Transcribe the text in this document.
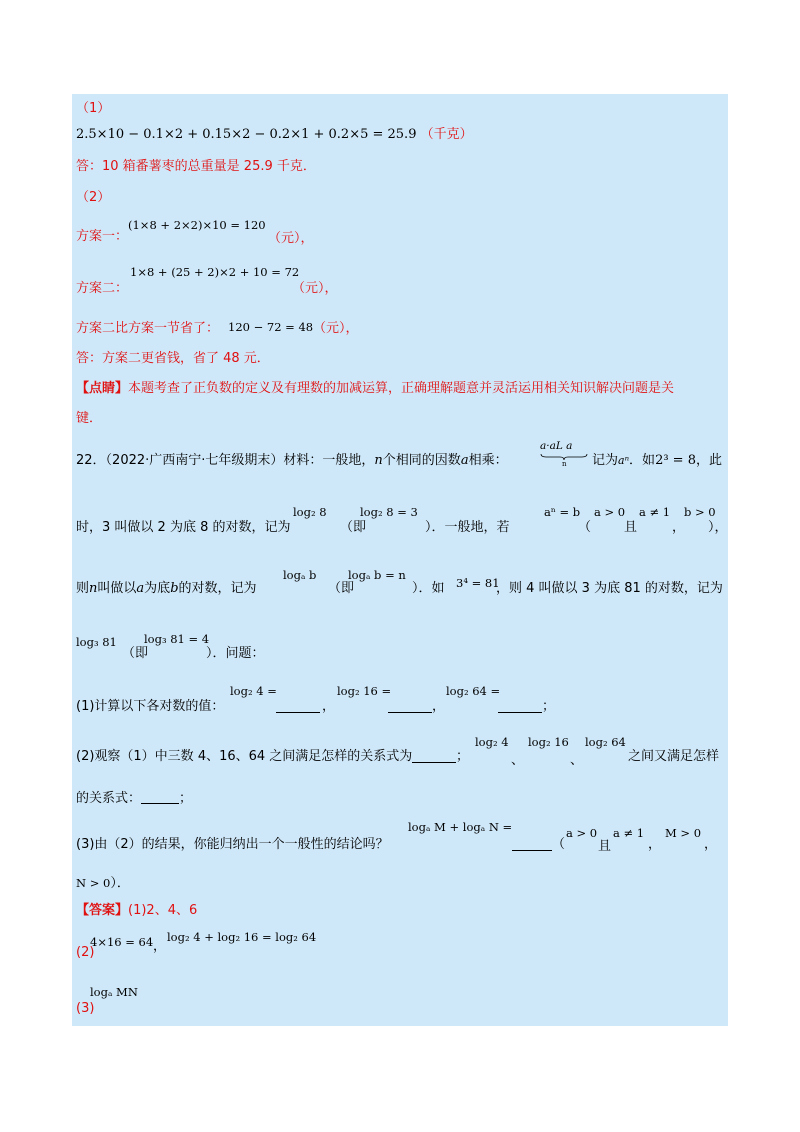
（1）
2.5×10 − 0.1×2 + 0.15×2 − 0.2×1 + 0.2×5 = 25.9 （千克）
答：10 箱番薯枣的总重量是 25.9 千克．
（2）
方案一：
(1×8 + 2×2)×10 = 120
（元），
方案二：
1×8 + (25 + 2)×2 + 10 = 72
（元），
方案二比方案一节省了： 120 − 72 = 48 （元），
答：方案二更省钱，省了 48 元．
【点睛】本题考查了正负数的定义及有理数的加减运算，正确理解题意并灵活运用相关知识解决问题是关
键．
22．（2022·广西南宁·七年级期末）材料：一般地，n个相同的因数a相乘：
a·aL a
n 记为aⁿ．如2³ = 8，此
时，3 叫做以 2 为底 8 的对数，记为
log₂ 8
（即
log₂ 8 = 3
）．一般地，若
aⁿ = b
（
a > 0
且
a ≠ 1
，
b > 0
），
则n叫做以a为底b的对数，记为
logₐ b
（即
logₐ b = n
）．如 3⁴ = 81
，则 4 叫做以 3 为底 81 的对数，记为
log₃ 81
（即
log₃ 81 = 4
）．问题：
(1)计算以下各对数的值：
log₂ 4 =
，
log₂ 16 =
，
log₂ 64 =
；
(2)观察（1）中三数 4、16、64 之间满足怎样的关系式为	；
log₂ 4
、
log₂ 16
、
log₂ 64
之间又满足怎样
的关系式：	；
(3)由（2）的结果，你能归纳出一个一般性的结论吗？
logₐ M + logₐ N =
（
a > 0
且
a ≠ 1
，
M > 0
，
N > 0）．
【答案】(1)2、4、6
(2)
4×16 = 64 ，
log₂ 4 + log₂ 16 = log₂ 64
(3)
logₐ MN
